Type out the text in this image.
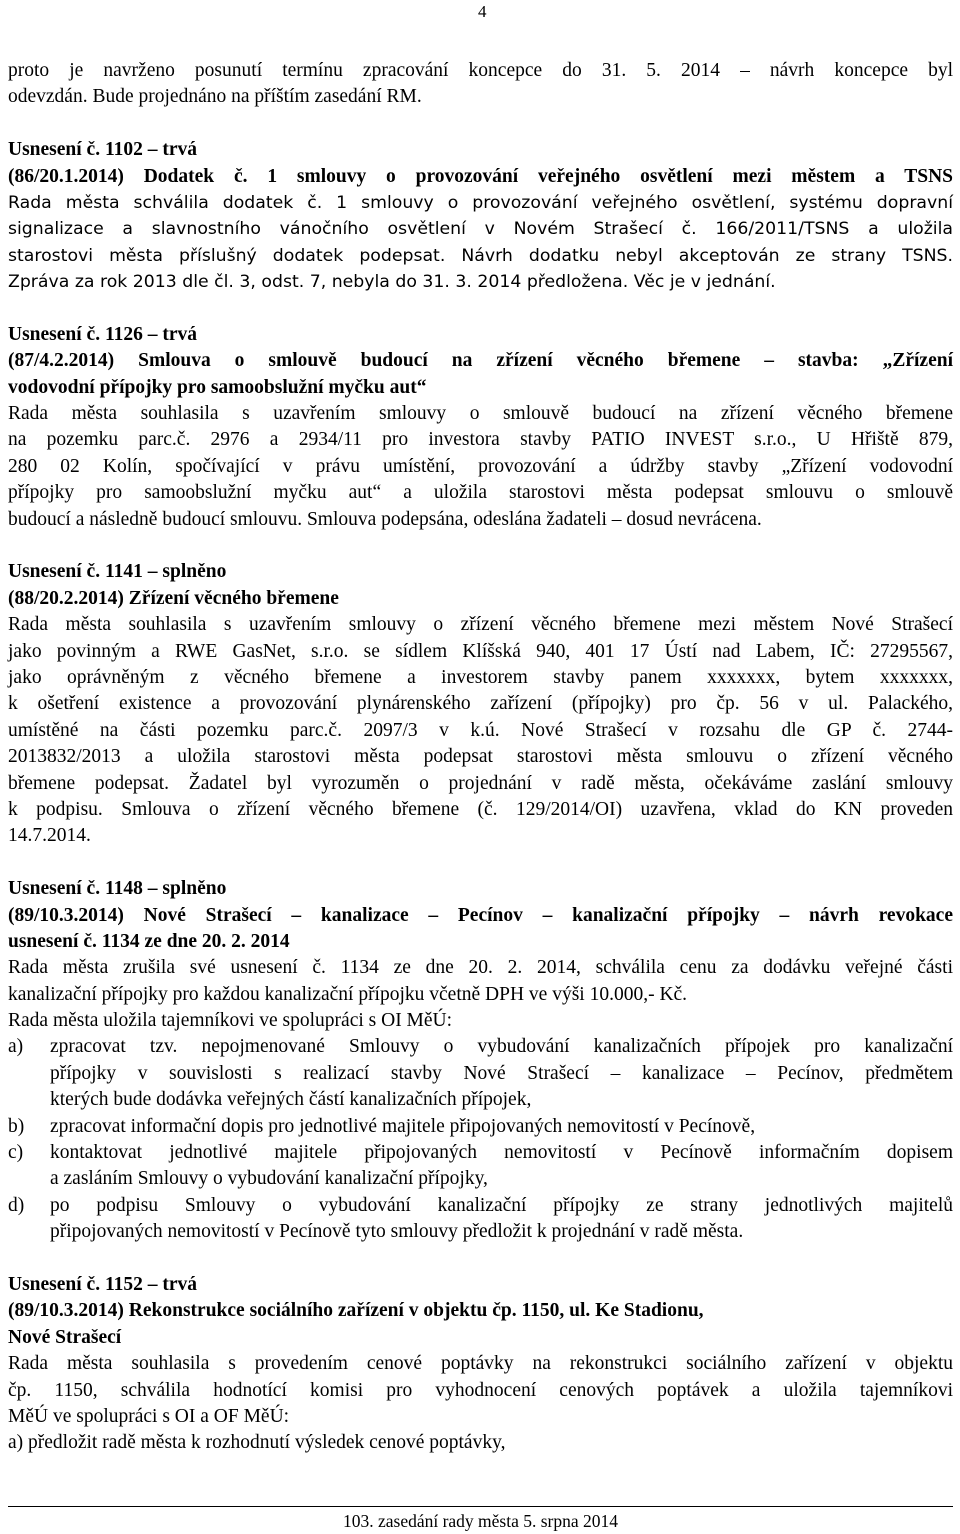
4
proto je navrženo posunutí termínu zpracování koncepce do 31. 5. 2014 – návrh koncepce byl
odevzdán. Bude projednáno na příštím zasedání RM.
Usnesení č. 1102 – trvá
(86/20.1.2014) Dodatek č. 1 smlouvy o provozování veřejného osvětlení mezi městem a TSNS
Rada města schválila dodatek č. 1 smlouvy o provozování veřejného osvětlení, systému dopravní
signalizace a slavnostního vánočního osvětlení v Novém Strašecí č. 166/2011/TSNS a uložila
starostovi města příslušný dodatek podepsat. Návrh dodatku nebyl akceptován ze strany TSNS.
Zpráva za rok 2013 dle čl. 3, odst. 7, nebyla do 31. 3. 2014 předložena. Věc je v jednání.
Usnesení č. 1126 – trvá
(87/4.2.2014) Smlouva o smlouvě budoucí na zřízení věcného břemene – stavba: „Zřízení
vodovodní přípojky pro samoobslužní myčku aut“
Rada města souhlasila s uzavřením smlouvy o smlouvě budoucí na zřízení věcného břemene
na pozemku parc.č. 2976 a 2934/11 pro investora stavby PATIO INVEST s.r.o., U Hřiště 879,
280 02 Kolín, spočívající v právu umístění, provozování a údržby stavby „Zřízení vodovodní
přípojky pro samoobslužní myčku aut“ a uložila starostovi města podepsat smlouvu o smlouvě
budoucí a následně budoucí smlouvu. Smlouva podepsána, odeslána žadateli – dosud nevrácena.
Usnesení č. 1141 – splněno
(88/20.2.2014) Zřízení věcného břemene
Rada města souhlasila s uzavřením smlouvy o zřízení věcného břemene mezi městem Nové Strašecí
jako povinným a RWE GasNet, s.r.o. se sídlem Klíšská 940, 401 17 Ústí nad Labem, IČ: 27295567,
jako oprávněným z věcného břemene a investorem stavby panem xxxxxxx, bytem xxxxxxx,
k ošetření existence a provozování plynárenského zařízení (přípojky) pro čp. 56 v ul. Palackého,
umístěné na části pozemku parc.č. 2097/3 v k.ú. Nové Strašecí v rozsahu dle GP č. 2744-
2013832/2013 a uložila starostovi města podepsat starostovi města smlouvu o zřízení věcného
břemene podepsat. Žadatel byl vyrozuměn o projednání v radě města, očekáváme zaslání smlouvy
k podpisu. Smlouva o zřízení věcného břemene (č. 129/2014/OI) uzavřena, vklad do KN proveden
14.7.2014.
Usnesení č. 1148 – splněno
(89/10.3.2014) Nové Strašecí – kanalizace – Pecínov – kanalizační přípojky – návrh revokace
usnesení č. 1134 ze dne 20. 2. 2014
Rada města zrušila své usnesení č. 1134 ze dne 20. 2. 2014, schválila cenu za dodávku veřejné části
kanalizační přípojky pro každou kanalizační přípojku včetně DPH ve výši 10.000,- Kč.
Rada města uložila tajemníkovi ve spolupráci s OI MěÚ:
a) zpracovat tzv. nepojmenované Smlouvy o vybudování kanalizačních přípojek pro kanalizační
přípojky v souvislosti s realizací stavby Nové Strašecí – kanalizace – Pecínov, předmětem
kterých bude dodávka veřejných částí kanalizačních přípojek,
b) zpracovat informační dopis pro jednotlivé majitele připojovaných nemovitostí v Pecínově,
c) kontaktovat jednotlivé majitele připojovaných nemovitostí v Pecínově informačním dopisem
a zasláním Smlouvy o vybudování kanalizační přípojky,
d) po podpisu Smlouvy o vybudování kanalizační přípojky ze strany jednotlivých majitelů
připojovaných nemovitostí v Pecínově tyto smlouvy předložit k projednání v radě města.
Usnesení č. 1152 – trvá
(89/10.3.2014) Rekonstrukce sociálního zařízení v objektu čp. 1150, ul. Ke Stadionu,
Nové Strašecí
Rada města souhlasila s provedením cenové poptávky na rekonstrukci sociálního zařízení v objektu
čp. 1150, schválila hodnotící komisi pro vyhodnocení cenových poptávek a uložila tajemníkovi
MěÚ ve spolupráci s OI a OF MěÚ:
a) předložit radě města k rozhodnutí výsledek cenové poptávky,
103. zasedání rady města 5. srpna 2014
